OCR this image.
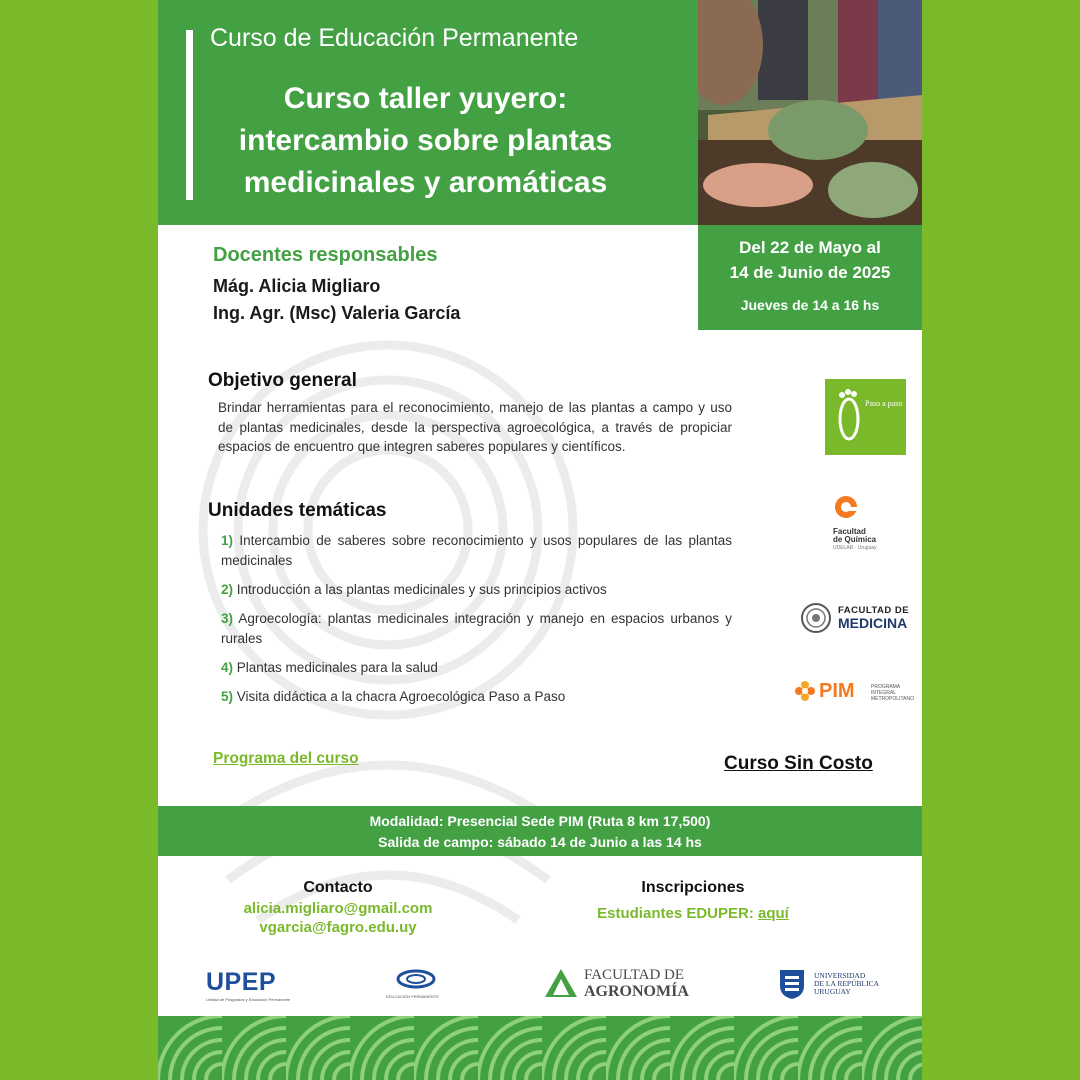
Curso de Educación Permanente
Curso taller yuyero:
intercambio sobre plantas
medicinales y aromáticas
Del 22 de Mayo al
14 de Junio de 2025
Jueves de 14 a 16 hs
Docentes responsables
Mág. Alicia Migliaro
Ing. Agr. (Msc) Valeria García
Objetivo general
Brindar herramientas para el reconocimiento, manejo de las plantas a campo y uso de plantas medicinales, desde la perspectiva agroecológica, a través de propiciar espacios de encuentro que integren saberes populares y científicos.
Unidades temáticas
1) Intercambio de saberes sobre reconocimiento y usos populares de las plantas medicinales
2) Introducción a las plantas medicinales y sus principios activos
3) Agroecología: plantas medicinales integración y manejo en espacios urbanos y rurales
4) Plantas medicinales para la salud
5) Visita didáctica a la chacra Agroecológica Paso a Paso
Paso a paso
Facultad
de Química
UDELAR · Uruguay
FACULTAD DE
MEDICINA
PIM	PROGRAMA
INTEGRAL
METROPOLITANO
Programa del curso	Curso Sin Costo
Modalidad: Presencial Sede PIM (Ruta 8 km 17,500)
Salida de campo: sábado 14 de Junio a las 14 hs
Contacto
alicia.migliaro@gmail.com
vgarcia@fagro.edu.uy
Inscripciones
Estudiantes EDUPER: aquí
UPEP
Unidad de Posgrados y Educación Permanente
EDUCACIÓN PERMANENTE
FACULTAD DE
AGRONOMÍA
UNIVERSIDAD
DE LA REPÚBLICA
URUGUAY
